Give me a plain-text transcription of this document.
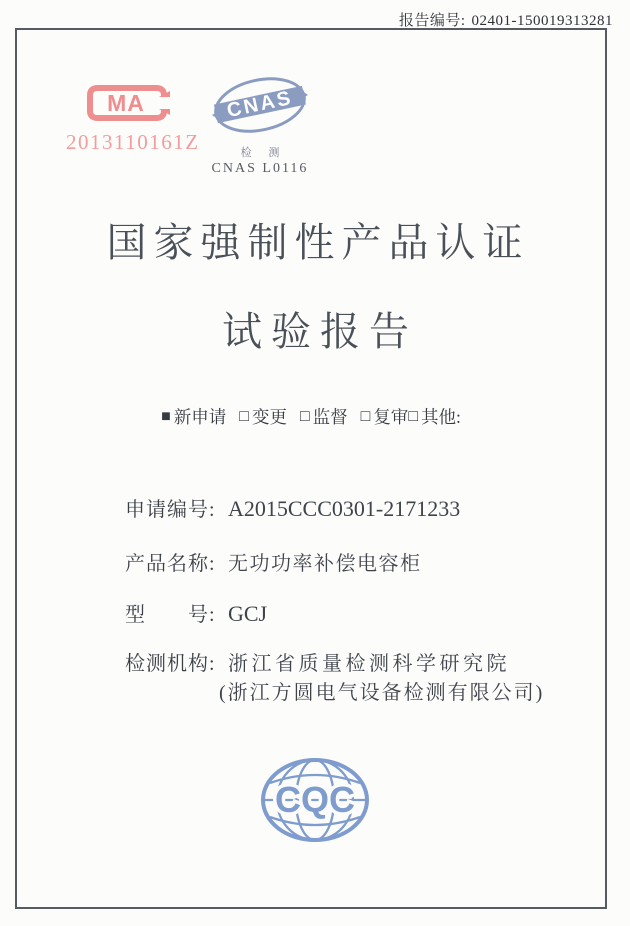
报告编号: 02401-150019313281
MA
2013110161Z
CNAS
检 测
CNAS L0116
国家强制性产品认证
试验报告
■ 新申请 □ 变更 □ 监督 □ 复审 □ 其他:
申请编号: A2015CCC0301-2171233
产品名称: 无功功率补偿电容柜
型　　号: GCJ
检测机构: 浙江省质量检测科学研究院
(浙江方圆电气设备检测有限公司)
CQC
